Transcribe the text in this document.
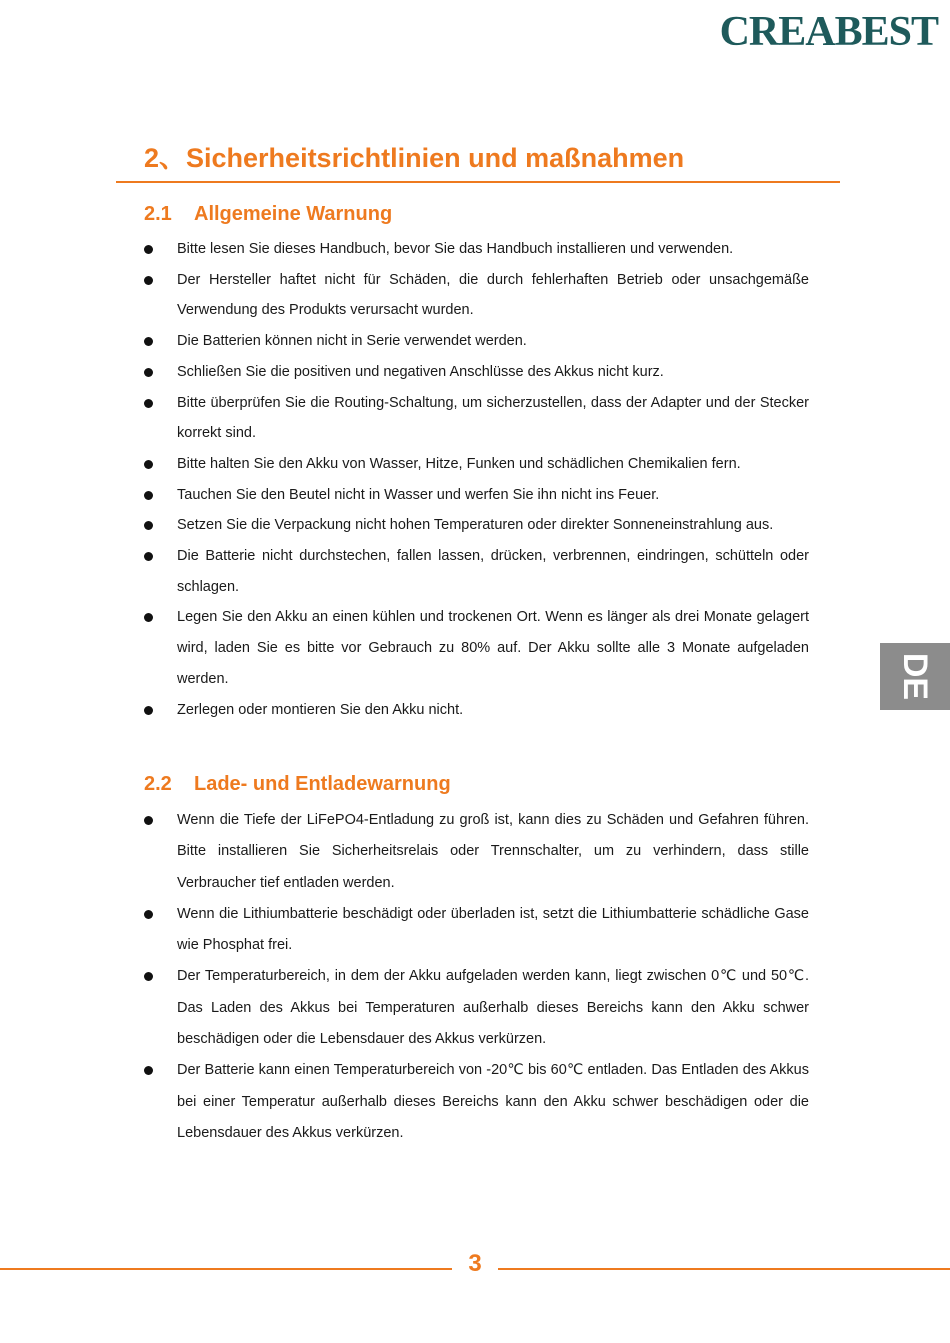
CREABEST
2、Sicherheitsrichtlinien und maßnahmen
2.1 Allgemeine Warnung
Bitte lesen Sie dieses Handbuch, bevor Sie das Handbuch installieren und verwenden.
Der Hersteller haftet nicht für Schäden, die durch fehlerhaften Betrieb oder unsachgemäße Verwendung des Produkts verursacht wurden.
Die Batterien können nicht in Serie verwendet werden.
Schließen Sie die positiven und negativen Anschlüsse des Akkus nicht kurz.
Bitte überprüfen Sie die Routing-Schaltung, um sicherzustellen, dass der Adapter und der Stecker korrekt sind.
Bitte halten Sie den Akku von Wasser, Hitze, Funken und schädlichen Chemikalien fern.
Tauchen Sie den Beutel nicht in Wasser und werfen Sie ihn nicht ins Feuer.
Setzen Sie die Verpackung nicht hohen Temperaturen oder direkter Sonneneinstrahlung aus.
Die Batterie nicht durchstechen, fallen lassen, drücken, verbrennen, eindringen, schütteln oder schlagen.
Legen Sie den Akku an einen kühlen und trockenen Ort. Wenn es länger als drei Monate gelagert wird, laden Sie es bitte vor Gebrauch zu 80% auf. Der Akku sollte alle 3 Monate aufgeladen werden.
Zerlegen oder montieren Sie den Akku nicht.
2.2 Lade- und Entladewarnung
Wenn die Tiefe der LiFePO4-Entladung zu groß ist, kann dies zu Schäden und Gefahren führen. Bitte installieren Sie Sicherheitsrelais oder Trennschalter, um zu verhindern, dass stille Verbraucher tief entladen werden.
Wenn die Lithiumbatterie beschädigt oder überladen ist, setzt die Lithiumbatterie schädliche Gase wie Phosphat frei.
Der Temperaturbereich, in dem der Akku aufgeladen werden kann, liegt zwischen 0℃ und 50℃. Das Laden des Akkus bei Temperaturen außerhalb dieses Bereichs kann den Akku schwer beschädigen oder die Lebensdauer des Akkus verkürzen.
Der Batterie kann einen Temperaturbereich von -20℃ bis 60℃ entladen. Das Entladen des Akkus bei einer Temperatur außerhalb dieses Bereichs kann den Akku schwer beschädigen oder die Lebensdauer des Akkus verkürzen.
DE
3
